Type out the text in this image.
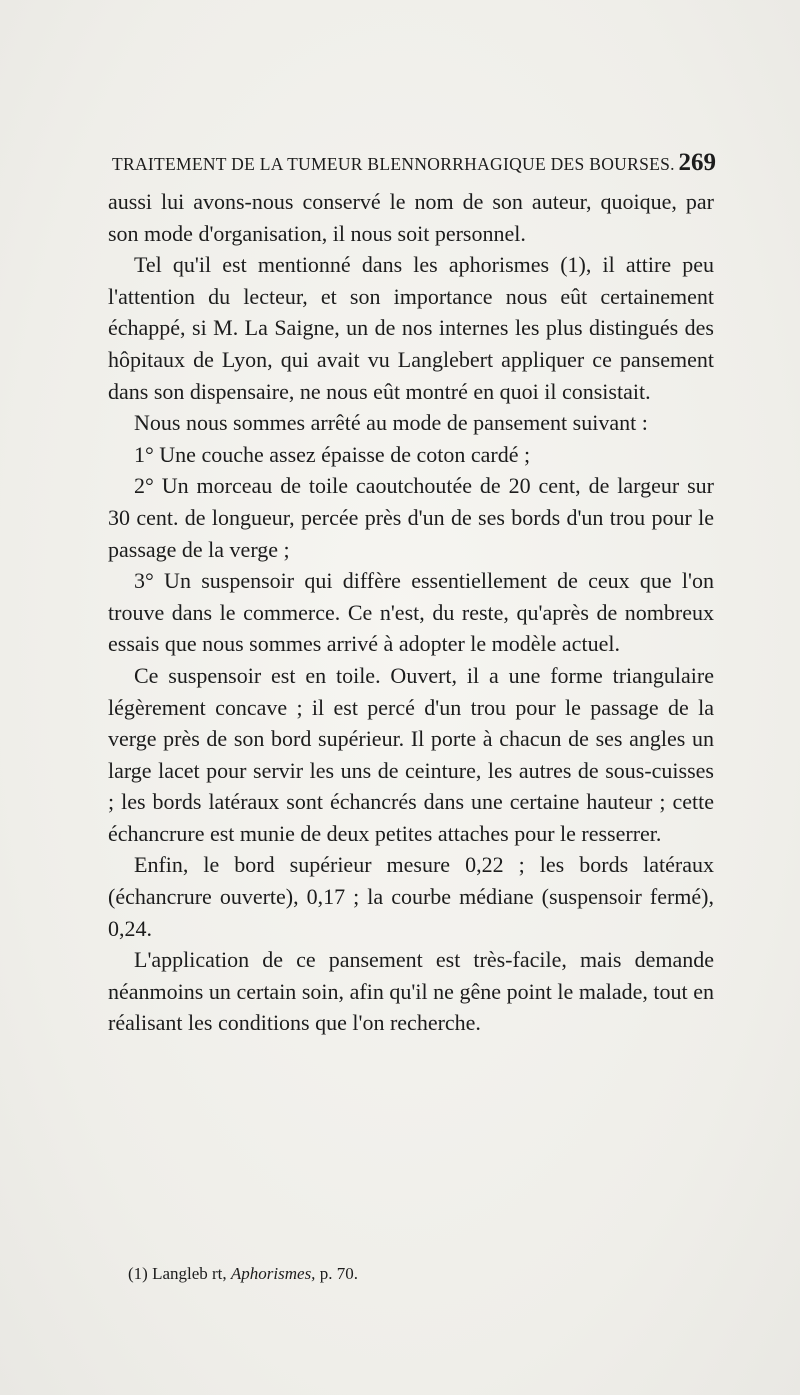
TRAITEMENT DE LA TUMEUR BLENNORRHAGIQUE DES BOURSES. 269

aussi lui avons-nous conservé le nom de son auteur, quoique, par son mode d'organisation, il nous soit personnel.

Tel qu'il est mentionné dans les aphorismes (1), il attire peu l'attention du lecteur, et son importance nous eût certainement échappé, si M. La Saigne, un de nos internes les plus distingués des hôpitaux de Lyon, qui avait vu Langlebert appliquer ce pansement dans son dispensaire, ne nous eût montré en quoi il consistait.

Nous nous sommes arrêté au mode de pansement suivant :

1° Une couche assez épaisse de coton cardé ;

2° Un morceau de toile caoutchoutée de 20 cent, de largeur sur 30 cent. de longueur, percée près d'un de ses bords d'un trou pour le passage de la verge ;

3° Un suspensoir qui diffère essentiellement de ceux que l'on trouve dans le commerce. Ce n'est, du reste, qu'après de nombreux essais que nous sommes arrivé à adopter le modèle actuel.

Ce suspensoir est en toile. Ouvert, il a une forme triangulaire légèrement concave ; il est percé d'un trou pour le passage de la verge près de son bord supérieur. Il porte à chacun de ses angles un large lacet pour servir les uns de ceinture, les autres de sous-cuisses ; les bords latéraux sont échancrés dans une certaine hauteur ; cette échancrure est munie de deux petites attaches pour le resserrer.

Enfin, le bord supérieur mesure 0,22 ; les bords latéraux (échancrure ouverte), 0,17 ; la courbe médiane (suspensoir fermé), 0,24.

L'application de ce pansement est très-facile, mais demande néanmoins un certain soin, afin qu'il ne gêne point le malade, tout en réalisant les conditions que l'on recherche.

(1) Langleb rt, Aphorismes, p. 70.
